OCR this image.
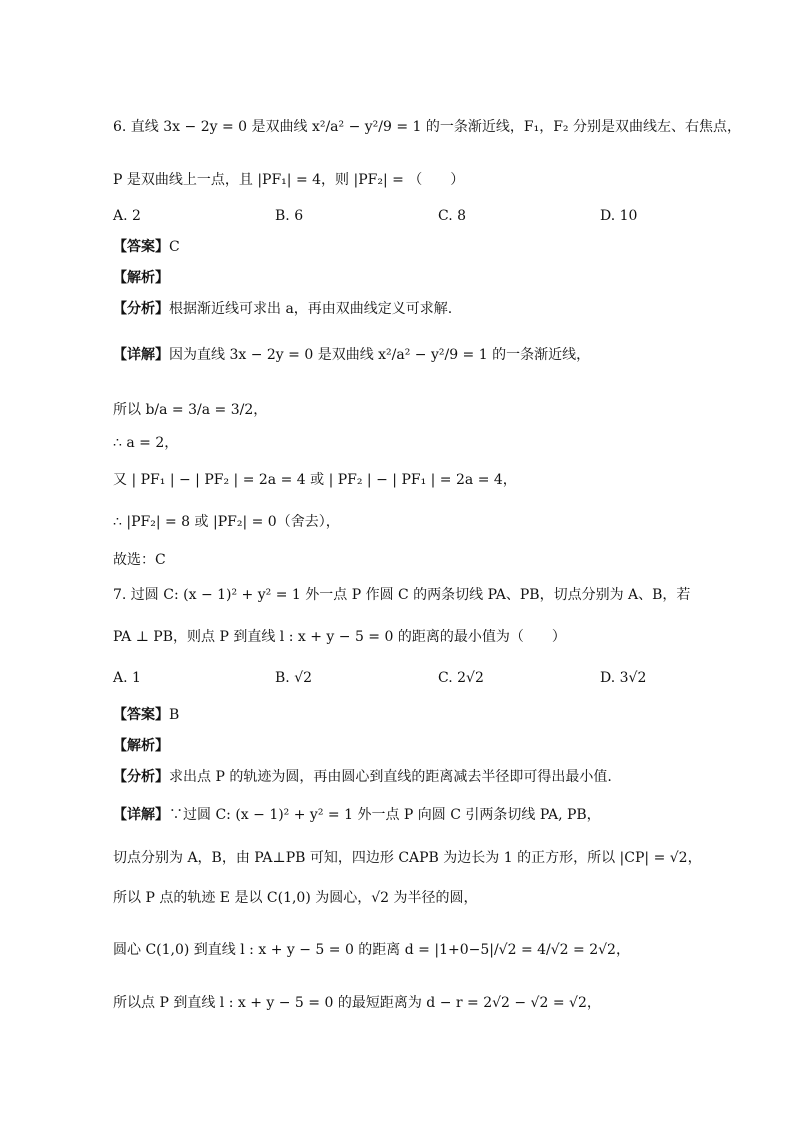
6. 直线 3x − 2y = 0 是双曲线 x²/a² − y²/9 = 1 的一条渐近线，F₁，F₂ 分别是双曲线左、右焦点，
P 是双曲线上一点，且 |PF₁| = 4，则 |PF₂| = （　　）
A. 2	B. 6	C. 8	D. 10
【答案】C
【解析】
【分析】根据渐近线可求出 a，再由双曲线定义可求解.
【详解】因为直线 3x − 2y = 0 是双曲线 x²/a² − y²/9 = 1 的一条渐近线，
所以 b/a = 3/a = 3/2，
∴ a = 2，
又 | PF₁ | − | PF₂ | = 2a = 4 或 | PF₂ | − | PF₁ | = 2a = 4，
∴ |PF₂| = 8 或 |PF₂| = 0（舍去），
故选：C
7. 过圆 C: (x − 1)² + y² = 1 外一点 P 作圆 C 的两条切线 PA、PB，切点分别为 A、B，若
PA ⊥ PB，则点 P 到直线 l : x + y − 5 = 0 的距离的最小值为（　　）
A. 1	B. √2	C. 2√2	D. 3√2
【答案】B
【解析】
【分析】求出点 P 的轨迹为圆，再由圆心到直线的距离减去半径即可得出最小值.
【详解】∵过圆 C: (x − 1)² + y² = 1 外一点 P 向圆 C 引两条切线 PA, PB，
切点分别为 A，B，由 PA⊥PB 可知，四边形 CAPB 为边长为 1 的正方形，所以 |CP| = √2，
所以 P 点的轨迹 E 是以 C(1,0) 为圆心，√2 为半径的圆，
圆心 C(1,0) 到直线 l : x + y − 5 = 0 的距离 d = |1+0−5|/√2 = 4/√2 = 2√2，
所以点 P 到直线 l : x + y − 5 = 0 的最短距离为 d − r = 2√2 − √2 = √2，
